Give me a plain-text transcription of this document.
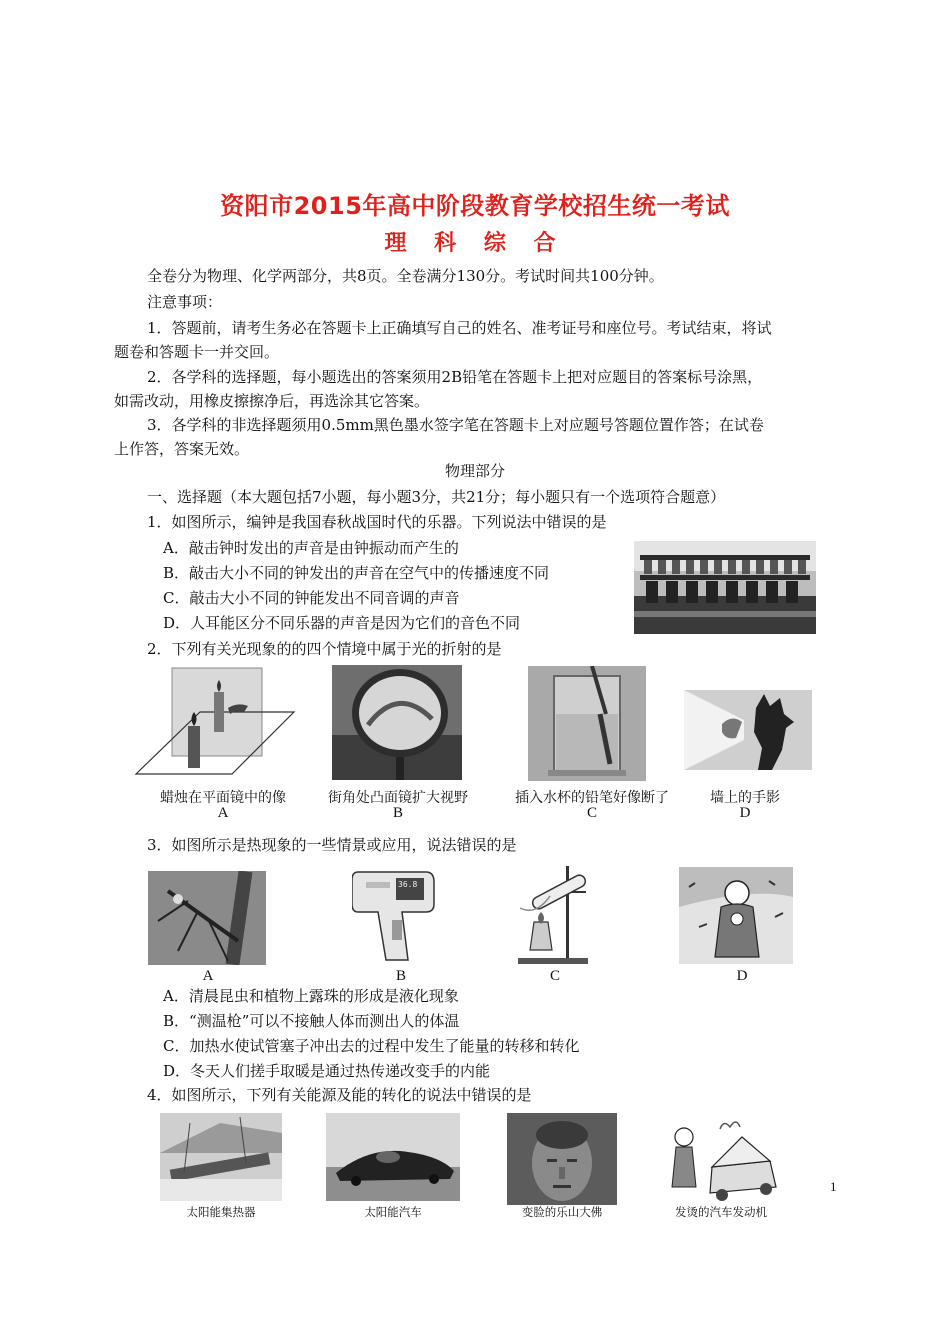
资阳市2015年高中阶段教育学校招生统一考试
理 科 综 合
全卷分为物理、化学两部分，共8页。全卷满分130分。考试时间共100分钟。
注意事项：
1．答题前，请考生务必在答题卡上正确填写自己的姓名、准考证号和座位号。考试结束，将试
题卷和答题卡一并交回。
2．各学科的选择题，每小题选出的答案须用2B铅笔在答题卡上把对应题目的答案标号涂黑，
如需改动，用橡皮擦擦净后，再选涂其它答案。
3．各学科的非选择题须用0.5mm黑色墨水签字笔在答题卡上对应题号答题位置作答；在试卷
上作答，答案无效。
物理部分
一、选择题（本大题包括7小题，每小题3分，共21分；每小题只有一个选项符合题意）
1．如图所示，编钟是我国春秋战国时代的乐器。下列说法中错误的是
A．敲击钟时发出的声音是由钟振动而产生的
B．敲击大小不同的钟发出的声音在空气中的传播速度不同
C．敲击大小不同的钟能发出不同音调的声音
D．人耳能区分不同乐器的声音是因为它们的音色不同
2．下列有关光现象的的四个情境中属于光的折射的是
蜡烛在平面镜中的像	街角处凸面镜扩大视野	插入水杯的铅笔好像断了	墙上的手影
A	B	C	D
3．如图所示是热现象的一些情景或应用，说法错误的是
36.8
A	B	C	D
A．清晨昆虫和植物上露珠的形成是液化现象
B．“测温枪”可以不接触人体而测出人的体温
C．加热水使试管塞子冲出去的过程中发生了能量的转移和转化
D．冬天人们搓手取暖是通过热传递改变手的内能
4．如图所示，下列有关能源及能的转化的说法中错误的是
太阳能集热器	太阳能汽车	变脸的乐山大佛	发烫的汽车发动机
1
